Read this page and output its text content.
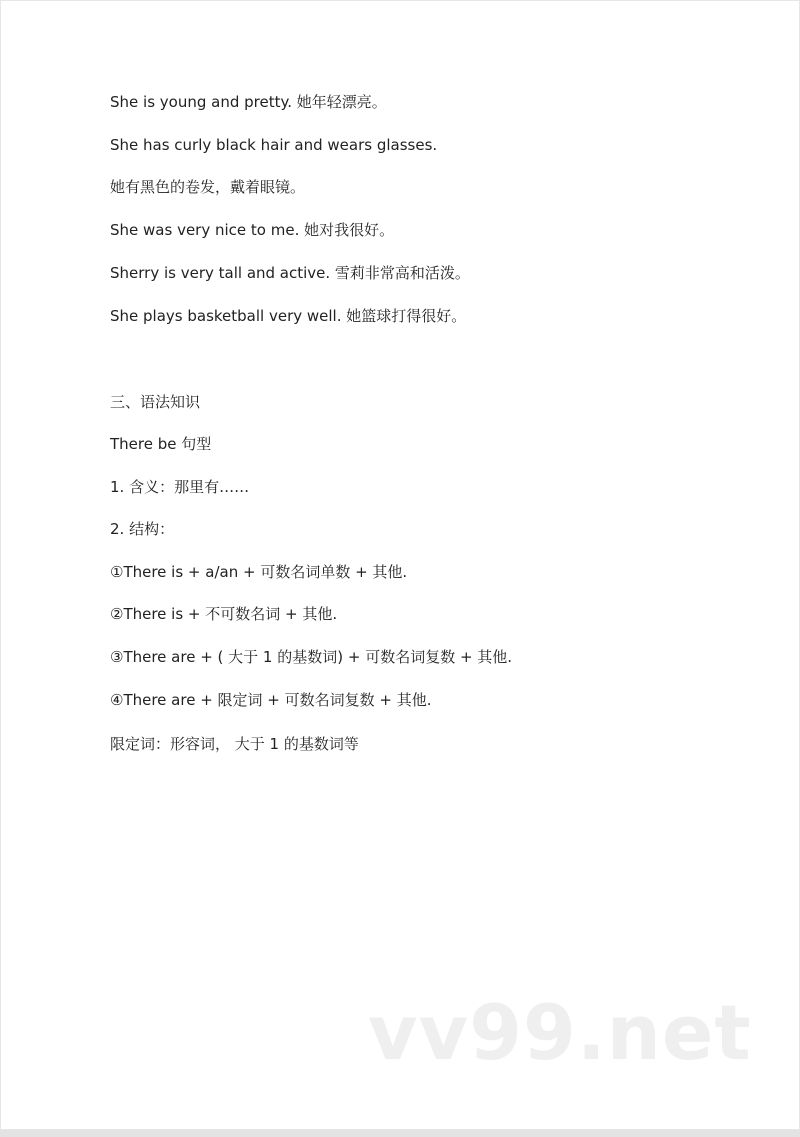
She is young and pretty. 她年轻漂亮。
She has curly black hair and wears glasses.
她有黑色的卷发，戴着眼镜。
She was very nice to me. 她对我很好。
Sherry is very tall and active. 雪莉非常高和活泼。
She plays basketball very well. 她篮球打得很好。
三、语法知识
There be 句型
1. 含义：那里有……
2. 结构：
①There is + a/an + 可数名词单数 + 其他.
②There is + 不可数名词 + 其他.
③There are + ( 大于 1 的基数词) + 可数名词复数 + 其他.
④There are + 限定词 + 可数名词复数 + 其他.
限定词：形容词， 大于 1 的基数词等
vv99.net
